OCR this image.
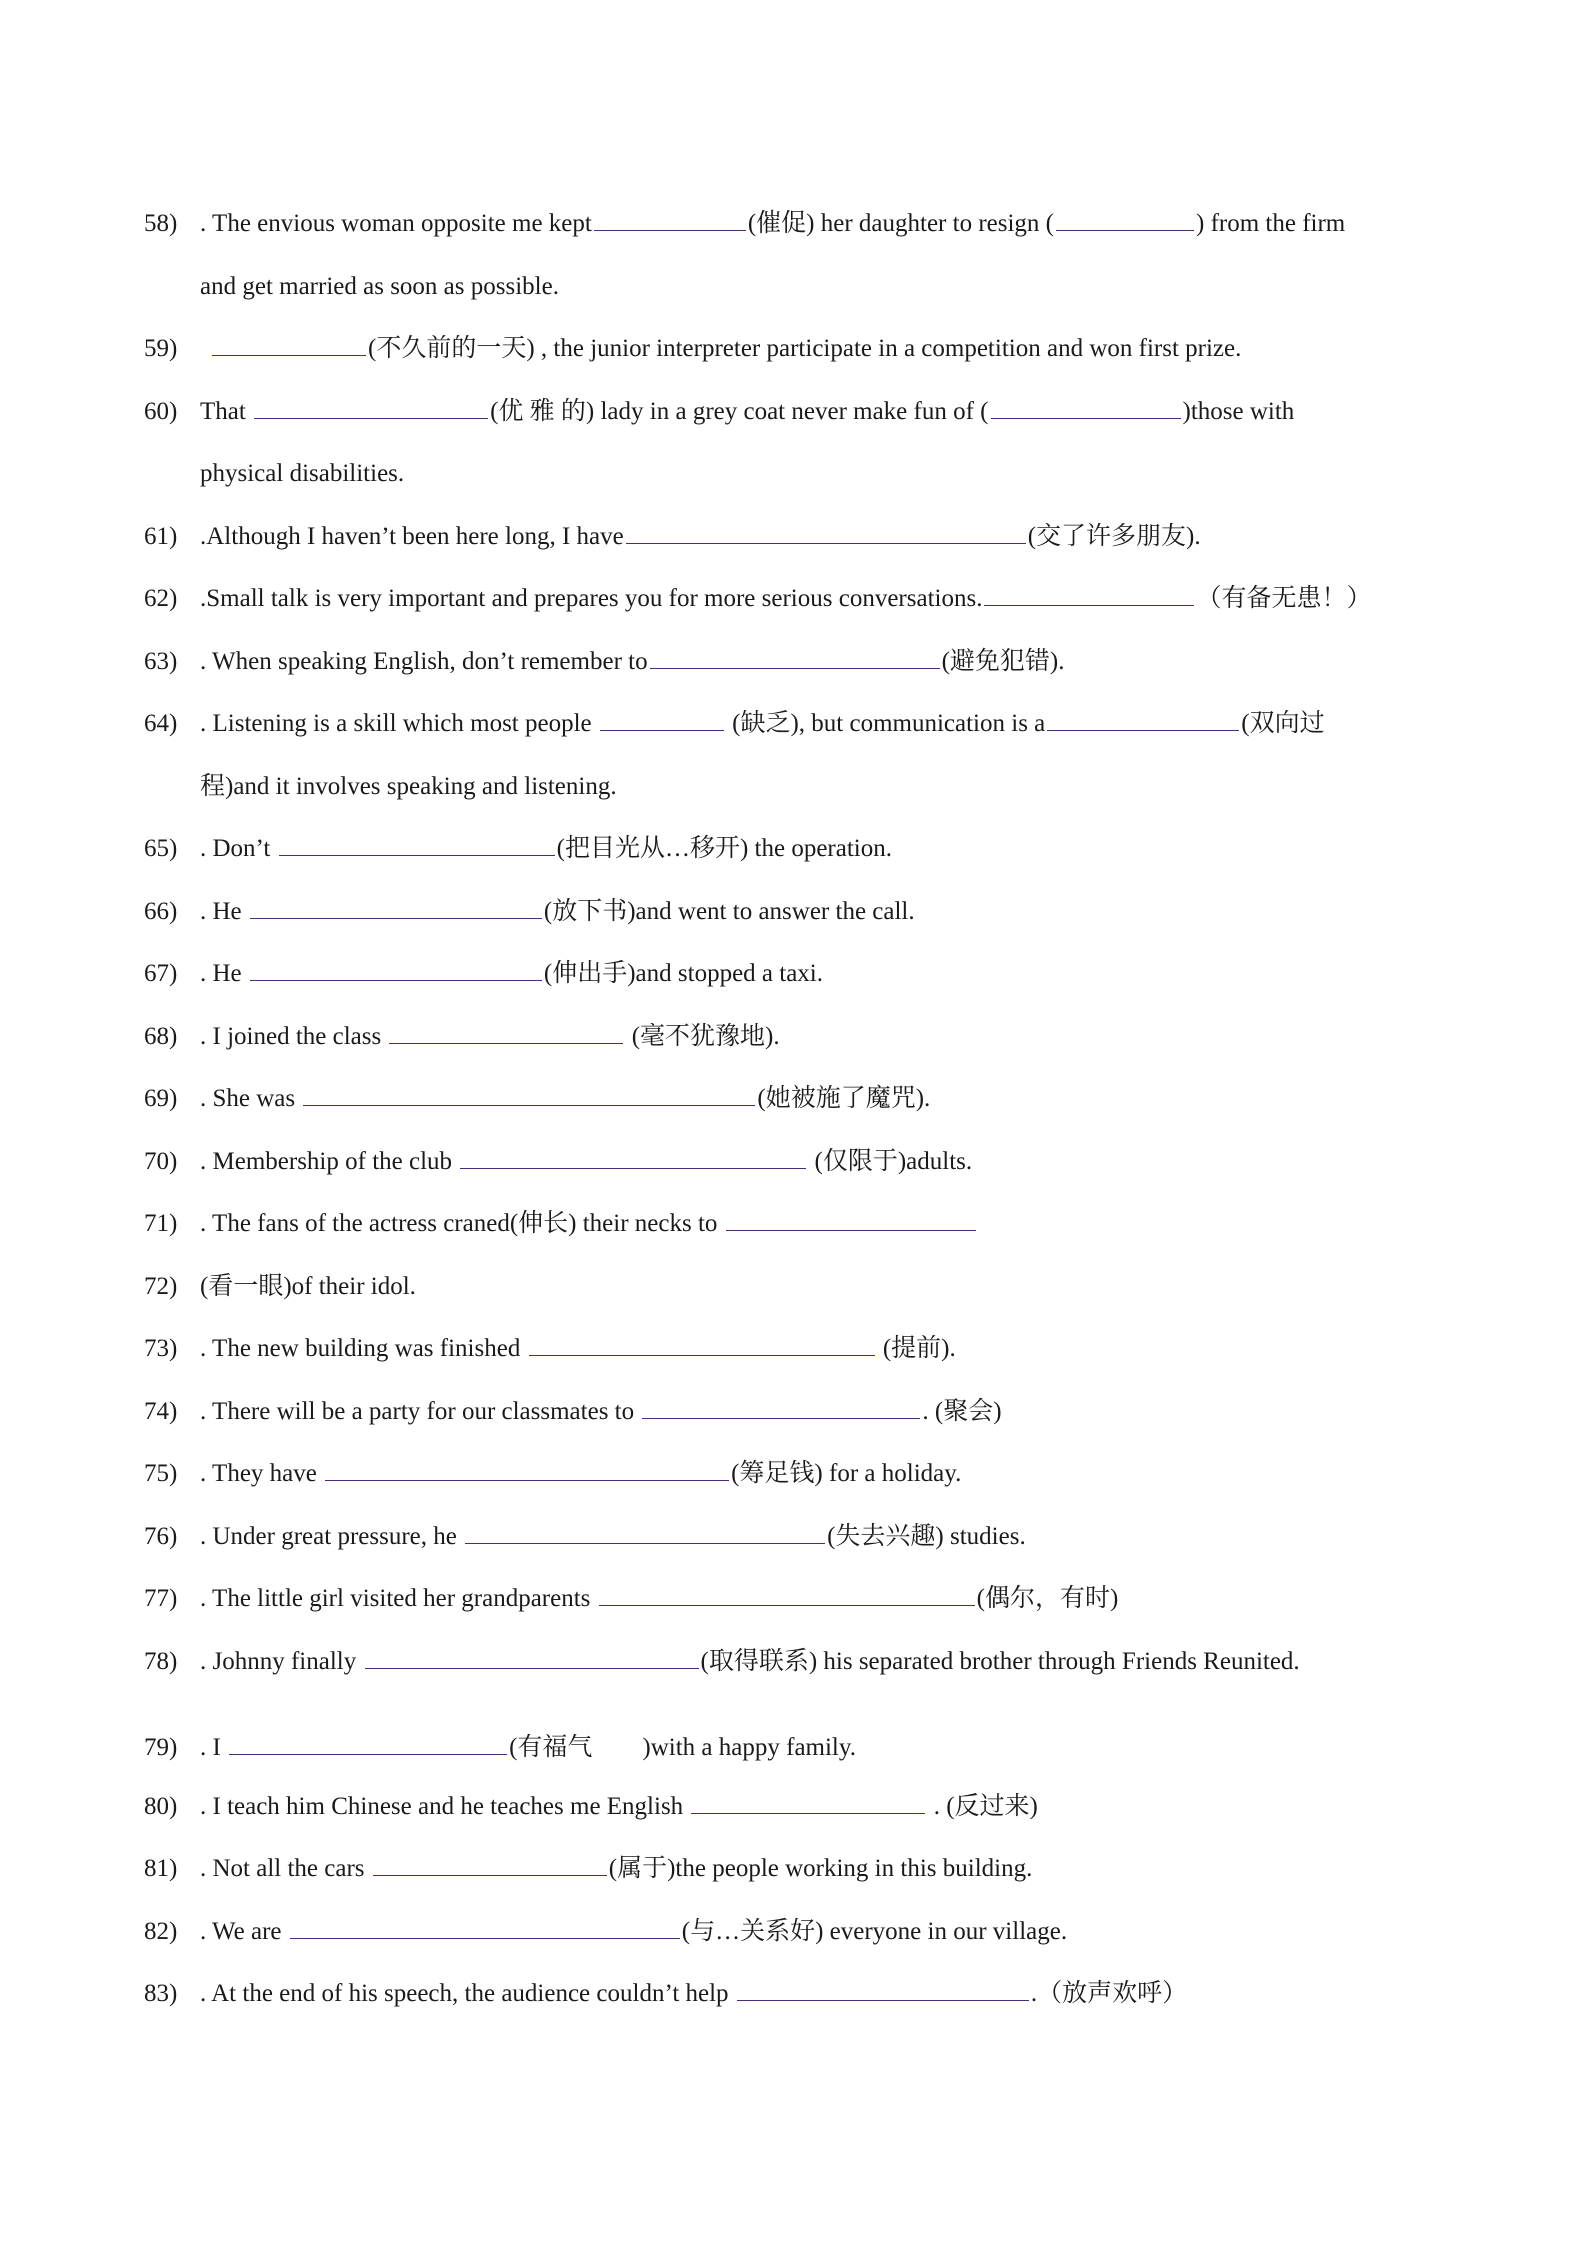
58) . The envious woman opposite me kept	(催促) her daughter to resign (	) from the firm
and get married as soon as possible.
59)	(不久前的一天) , the junior interpreter participate in a competition and won first prize.
60) That	(优 雅 的) lady in a grey coat never make fun of (	)those with
physical disabilities.
61) .Although I haven’t been here long, I have	(交了许多朋友).
62) .Small talk is very important and prepares you for more serious conversations.	（有备无患！）
63) . When speaking English, don’t remember to	(避免犯错).
64) . Listening is a skill which most people	(缺乏), but communication is a	(双向过
程)and it involves speaking and listening.
65) . Don’t	(把目光从…移开) the operation.
66) . He	(放下书)and went to answer the call.
67) . He	(伸出手)and stopped a taxi.
68) . I joined the class	(毫不犹豫地).
69) . She was	(她被施了魔咒).
70) . Membership of the club	(仅限于)adults.
71) . The fans of the actress craned(伸长) their necks to
72) (看一眼)of their idol.
73) . The new building was finished	(提前).
74) . There will be a party for our classmates to	. (聚会)
75) . They have	(筹足钱) for a holiday.
76) . Under great pressure, he	(失去兴趣) studies.
77) . The little girl visited her grandparents	(偶尔，有时)
78) . Johnny finally	(取得联系) his separated brother through Friends Reunited.
79) . I	(有福气　　)with a happy family.
80) . I teach him Chinese and he teaches me English	. (反过来)
81) . Not all the cars	(属于)the people working in this building.
82) . We are	(与…关系好) everyone in our village.
83) . At the end of his speech, the audience couldn’t help	.（放声欢呼）
